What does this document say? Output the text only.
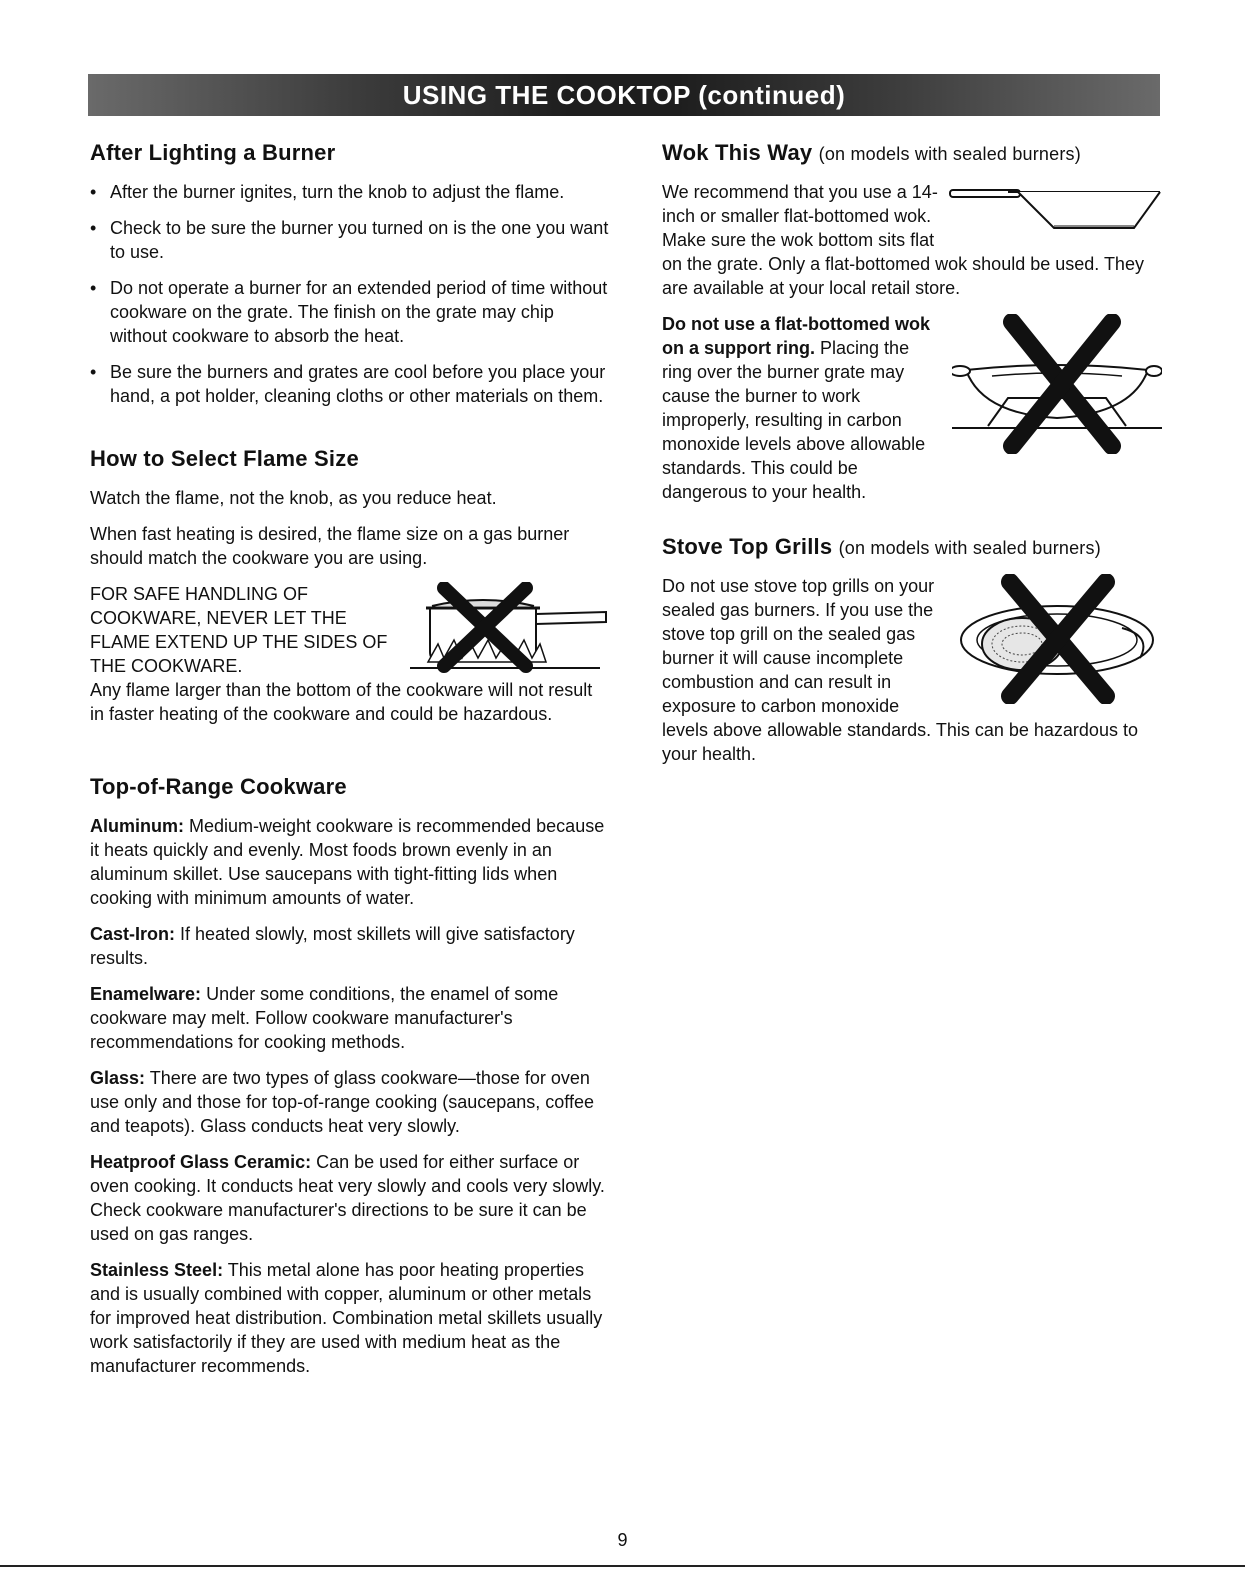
USING THE COOKTOP (continued)
After Lighting a Burner
• After the burner ignites, turn the knob to adjust the flame.
• Check to be sure the burner you turned on is the one you want to use.
• Do not operate a burner for an extended period of time without cookware on the grate. The finish on the grate may chip without cookware to absorb the heat.
• Be sure the burners and grates are cool before you place your hand, a pot holder, cleaning cloths or other materials on them.
How to Select Flame Size

Watch the flame, not the knob, as you reduce heat.

When fast heating is desired, the flame size on a gas burner should match the cookware you are using.

FOR SAFE HANDLING OF COOKWARE, NEVER LET THE FLAME EXTEND UP THE SIDES OF THE COOKWARE.

Any flame larger than the bottom of the cookware will not result in faster heating of the cookware and could be hazardous.

Top-of-Range Cookware

Aluminum: Medium-weight cookware is recommended because it heats quickly and evenly. Most foods brown evenly in an aluminum skillet. Use saucepans with tight-fitting lids when cooking with minimum amounts of water.

Cast-Iron: If heated slowly, most skillets will give satisfactory results.

Enamelware: Under some conditions, the enamel of some cookware may melt. Follow cookware manufacturer's recommendations for cooking methods.

Glass: There are two types of glass cookware—those for oven use only and those for top-of-range cooking (saucepans, coffee and teapots). Glass conducts heat very slowly.

Heatproof Glass Ceramic: Can be used for either surface or oven cooking. It conducts heat very slowly and cools very slowly. Check cookware manufacturer's directions to be sure it can be used on gas ranges.

Stainless Steel: This metal alone has poor heating properties and is usually combined with copper, aluminum or other metals for improved heat distribution. Combination metal skillets usually work satisfactorily if they are used with medium heat as the manufacturer recommends.

Wok This Way (on models with sealed burners)

We recommend that you use a 14-inch or smaller flat-bottomed wok. Make sure the wok bottom sits flat on the grate. Only a flat-bottomed wok should be used. They are available at your local retail store.

Do not use a flat-bottomed wok on a support ring. Placing the ring over the burner grate may cause the burner to work improperly, resulting in carbon monoxide levels above allowable standards. This could be dangerous to your health.

Stove Top Grills (on models with sealed burners)

Do not use stove top grills on your sealed gas burners. If you use the stove top grill on the sealed gas burner it will cause incomplete combustion and can result in exposure to carbon monoxide levels above allowable standards. This can be hazardous to your health.

9
